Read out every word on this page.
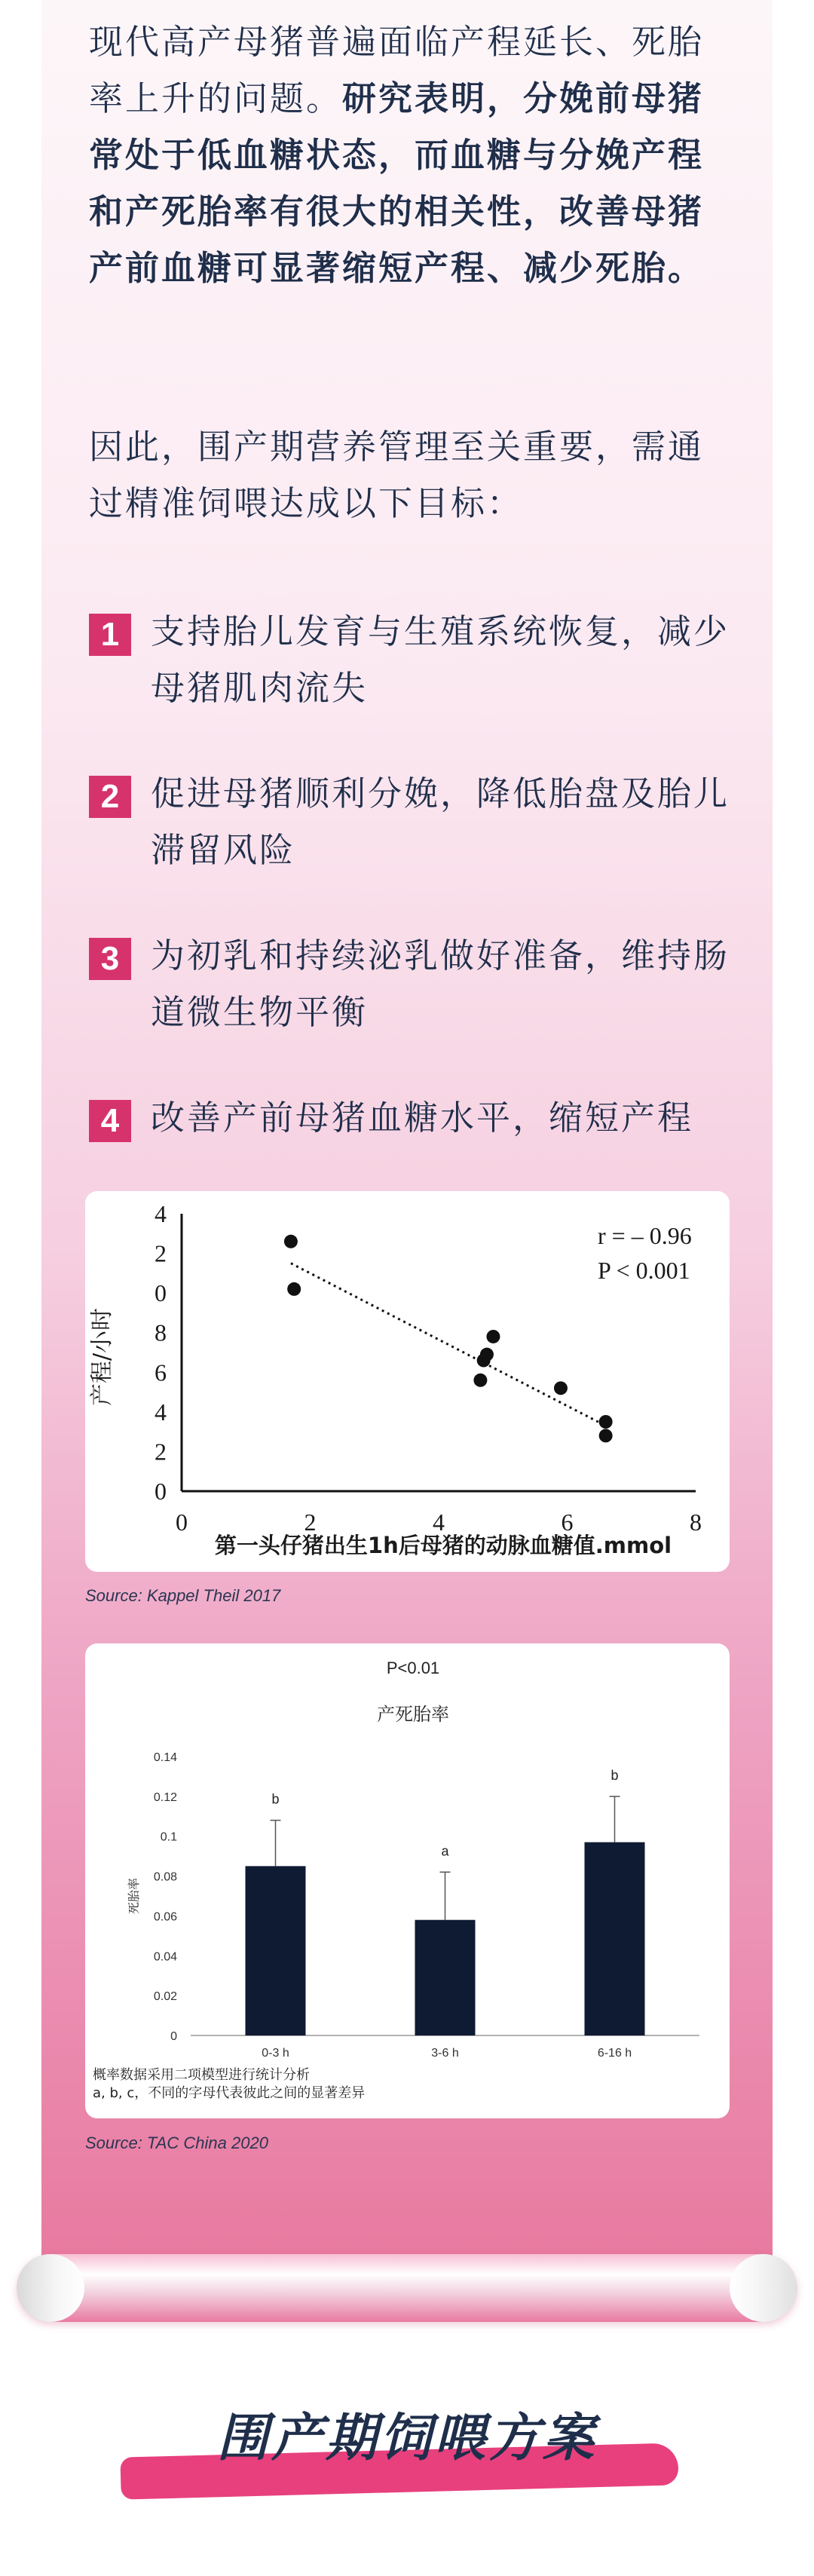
现代高产母猪普遍面临产程延长、死胎率上升的问题。研究表明，分娩前母猪常处于低血糖状态，而血糖与分娩产程和产死胎率有很大的相关性，改善母猪产前血糖可显著缩短产程、减少死胎。
因此，围产期营养管理至关重要，需通过精准饲喂达成以下目标：
1 支持胎儿发育与生殖系统恢复，减少母猪肌肉流失
2 促进母猪顺利分娩，降低胎盘及胎儿滞留风险
3 为初乳和持续泌乳做好准备，维持肠道微生物平衡
4 改善产前母猪血糖水平，缩短产程
0	2	4	6	8
0
2
4
6
8
0
2
4
r = – 0.96
P < 0.001
产程/小时
第一头仔猪出生1h后母猪的动脉血糖值.mmol
Source: Kappel Theil 2017
P<0.01
产死胎率
死胎率
0
0.02
0.04
0.06
0.08
0.1
0.12
0.14
b
0-3 h
a
3-6 h
b
6-16 h
概率数据采用二项模型进行统计分析
a, b, c，不同的字母代表彼此之间的显著差异
Source: TAC China 2020
围产期饲喂方案
